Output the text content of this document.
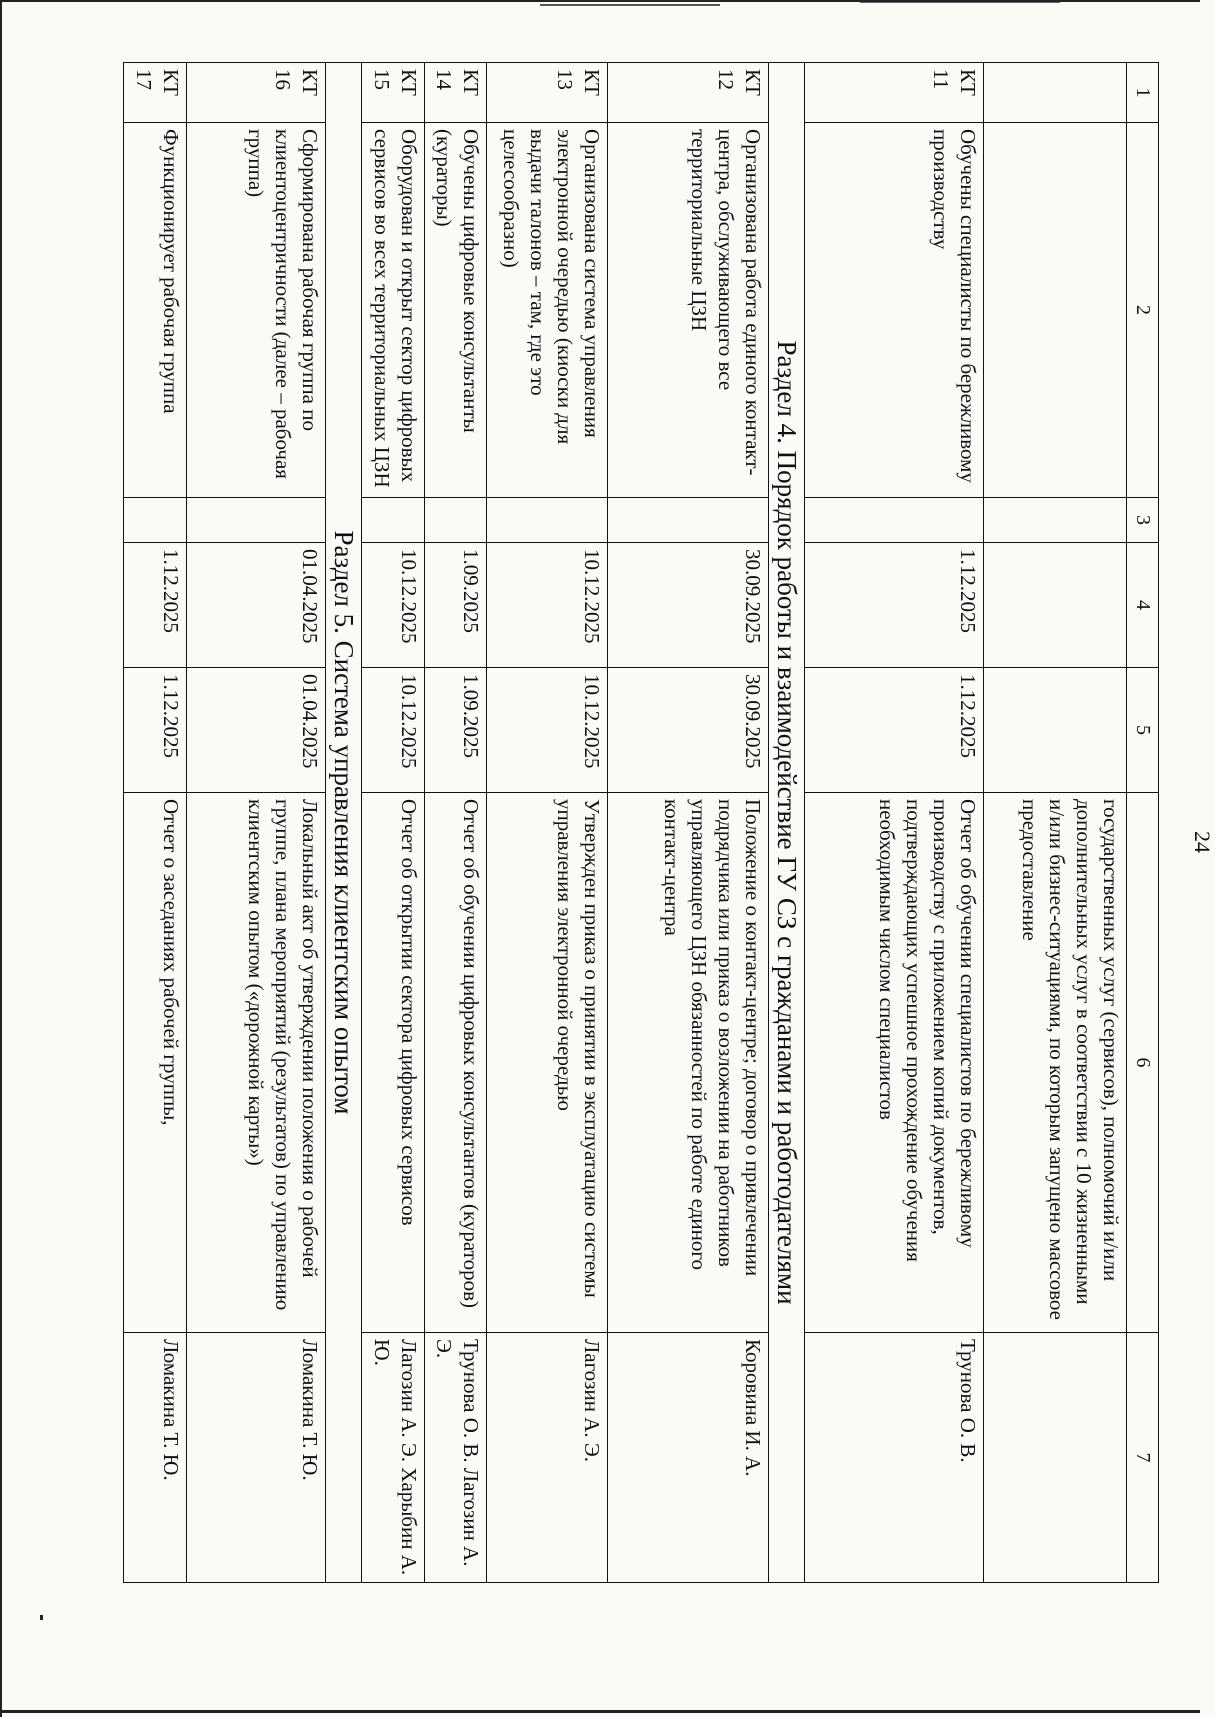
24
1	2	3	4	5	6	7
					государственных услуг (сервисов), полномочий и/или дополнительных услуг в соответствии с 10 жизненными и/или бизнес-ситуациями, по которым запущено массовое предоставление	
КТ 11	Обучены специалисты по бережливому производству		1.12.2025	1.12.2025	Отчет об обучении специалистов по бережливому производству с приложением копий документов, подтверждающих успешное прохождение обучения необходимым числом специалистов	Трунова О. В.
Раздел 4. Порядок работы и взаимодействие ГУ СЗ с гражданами и работодателями						
КТ 12	Организована работа единого контакт-центра, обслуживающего все территориальные ЦЗН		30.09.2025	30.09.2025	Положение о контакт-центре; договор о привлечении подрядчика или приказ о возложении на работников управляющего ЦЗН обязанностей по работе единого контакт-центра	Коровина И. А.
КТ 13	Организована система управления электронной очередью (киоски для выдачи талонов – там, где это целесообразно)		10.12.2025	10.12.2025	Утвержден приказ о принятии в эксплуатацию системы управления электронной очередью	Лагозин А. Э.
КТ 14	Обучены цифровые консультанты (кураторы)		1.09.2025	1.09.2025	Отчет об обучении цифровых консультантов (кураторов)	Трунова О. В. Лагозин А. Э.
КТ 15	Оборудован и открыт сектор цифровых сервисов во всех территориальных ЦЗН		10.12.2025	10.12.2025	Отчет об открытии сектора цифровых сервисов	Лагозин А. Э. Харыбин А. Ю.
Раздел 5. Система управления клиентским опытом						
КТ 16	Сформирована рабочая группа по клиентоцентричности (далее – рабочая группа)		01.04.2025	01.04.2025	Локальный акт об утверждении положения о рабочей группе, плана мероприятий (результатов) по управлению клиентским опытом («дорожной карты»)	Ломакина Т. Ю.
КТ 17	Функционирует рабочая группа		1.12.2025	1.12.2025	Отчет о заседаниях рабочей группы,	Ломакина Т. Ю.
